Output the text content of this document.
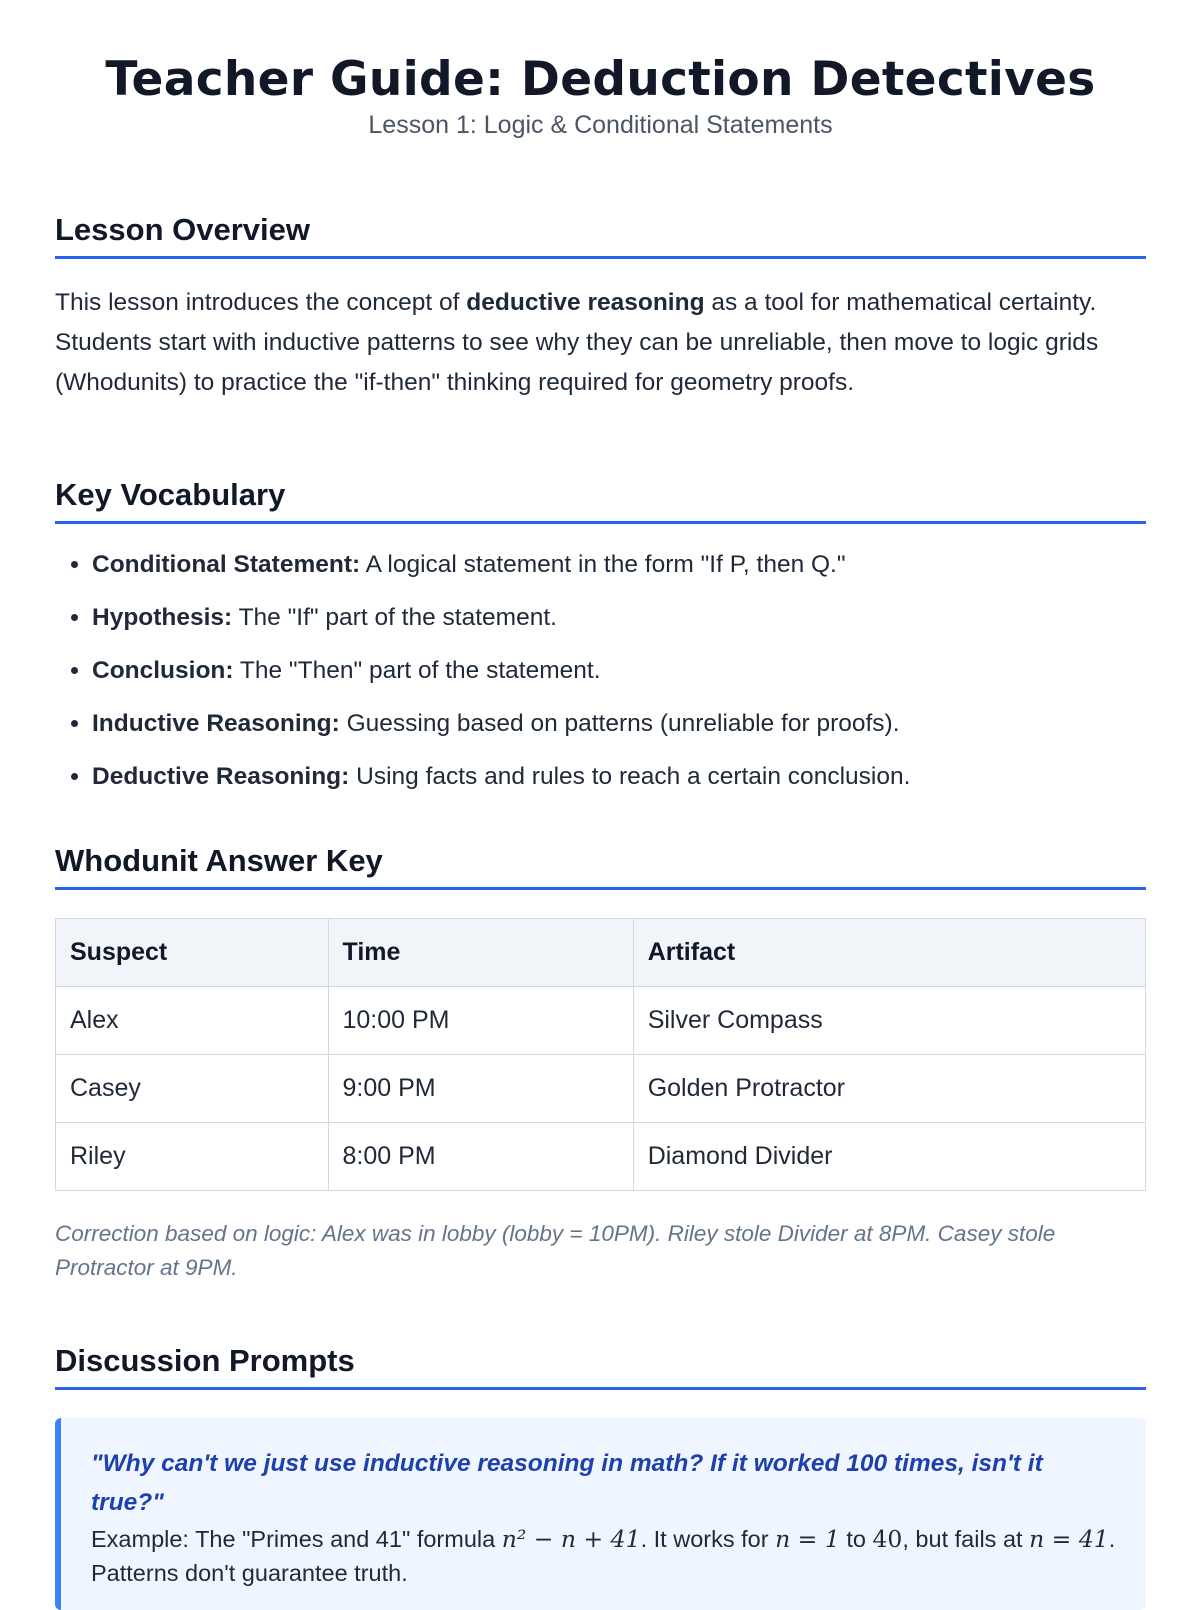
Teacher Guide: Deduction Detectives
Lesson 1: Logic & Conditional Statements
Lesson Overview

This lesson introduces the concept of deductive reasoning as a tool for mathematical certainty. Students start with inductive patterns to see why they can be unreliable, then move to logic grids (Whodunits) to practice the "if-then" thinking required for geometry proofs.

Key Vocabulary
• Conditional Statement: A logical statement in the form "If P, then Q."
• Hypothesis: The "If" part of the statement.
• Conclusion: The "Then" part of the statement.
• Inductive Reasoning: Guessing based on patterns (unreliable for proofs).
• Deductive Reasoning: Using facts and rules to reach a certain conclusion.
Whodunit Answer Key
Suspect	Time	Artifact
Alex	10:00 PM	Silver Compass
Casey	9:00 PM	Golden Protractor
Riley	8:00 PM	Diamond Divider
Correction based on logic: Alex was in lobby (lobby = 10PM). Riley stole Divider at 8PM. Casey stole Protractor at 9PM.
Discussion Prompts
"Why can't we just use inductive reasoning in math? If it worked 100 times, isn't it true?"
Example: The "Primes and 41" formula n² − n + 41. It works for n = 1 to 40, but fails at n = 41. Patterns don't guarantee truth.
